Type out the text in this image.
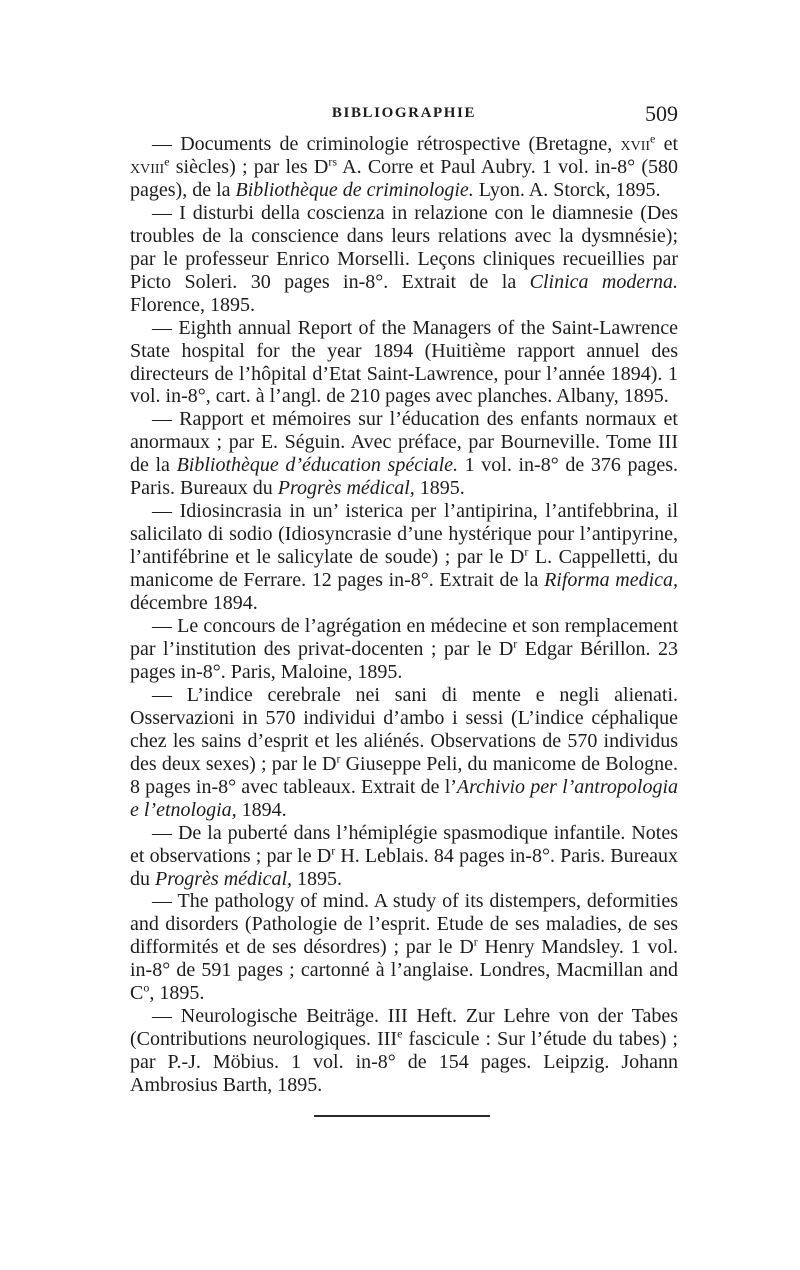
BIBLIOGRAPHIE	509

— Documents de criminologie rétrospective (Bretagne, xvii$^e$ et xviii$^e$ siècles) ; par les $D^{rs}$ A. Corre et Paul Aubry. 1 vol. in-8° (580 pages), de la Bibliothèque de criminologie. Lyon. A. Storck, 1895.

— I disturbi della coscienza in relazione con le diamnesie (Des troubles de la conscience dans leurs relations avec la dysmnésie); par le professeur Enrico Morselli. Leçons cliniques recueillies par Picto Soleri. 30 pages in-8°. Extrait de la Clinica moderna. Florence, 1895.

— Eighth annual Report of the Managers of the Saint-Lawrence State hospital for the year 1894 (Huitième rapport annuel des directeurs de l’hôpital d’Etat Saint-Lawrence, pour l’année 1894). 1 vol. in-8°, cart. à l’angl. de 210 pages avec planches. Albany, 1895.

— Rapport et mémoires sur l’éducation des enfants normaux et anormaux ; par E. Séguin. Avec préface, par Bourneville. Tome III de la Bibliothèque d’éducation spéciale. 1 vol. in-8° de 376 pages. Paris. Bureaux du Progrès médical, 1895.

— Idiosincrasia in un’ isterica per l’antipirina, l’antifebbrina, il salicilato di sodio (Idiosyncrasie d’une hystérique pour l’antipyrine, l’antifébrine et le salicylate de soude) ; par le $D^r$ L. Cappelletti, du manicome de Ferrare. 12 pages in-8°. Extrait de la Riforma medica, décembre 1894.

— Le concours de l’agrégation en médecine et son remplacement par l’institution des privat-docenten ; par le $D^r$ Edgar Bérillon. 23 pages in-8°. Paris, Maloine, 1895.

— L’indice cerebrale nei sani di mente e negli alienati. Osservazioni in 570 individui d’ambo i sessi (L’indice céphalique chez les sains d’esprit et les aliénés. Observations de 570 individus des deux sexes) ; par le $D^r$ Giuseppe Peli, du manicome de Bologne. 8 pages in-8° avec tableaux. Extrait de l’Archivio per l’antropologia e l’etnologia, 1894.

— De la puberté dans l’hémiplégie spasmodique infantile. Notes et observations ; par le $D^r$ H. Leblais. 84 pages in-8°. Paris. Bureaux du Progrès médical, 1895.

— The pathology of mind. A study of its distempers, deformities and disorders (Pathologie de l’esprit. Etude de ses maladies, de ses difformités et de ses désordres) ; par le $D^r$ Henry Mandsley. 1 vol. in-8° de 591 pages ; cartonné à l’anglaise. Londres, Macmillan and $C^o$, 1895.

— Neurologische Beiträge. III Heft. Zur Lehre von der Tabes (Contributions neurologiques. IIIe fascicule : Sur l’étude du tabes) ; par P.-J. Möbius. 1 vol. in-8° de 154 pages. Leipzig. Johann Ambrosius Barth, 1895.
